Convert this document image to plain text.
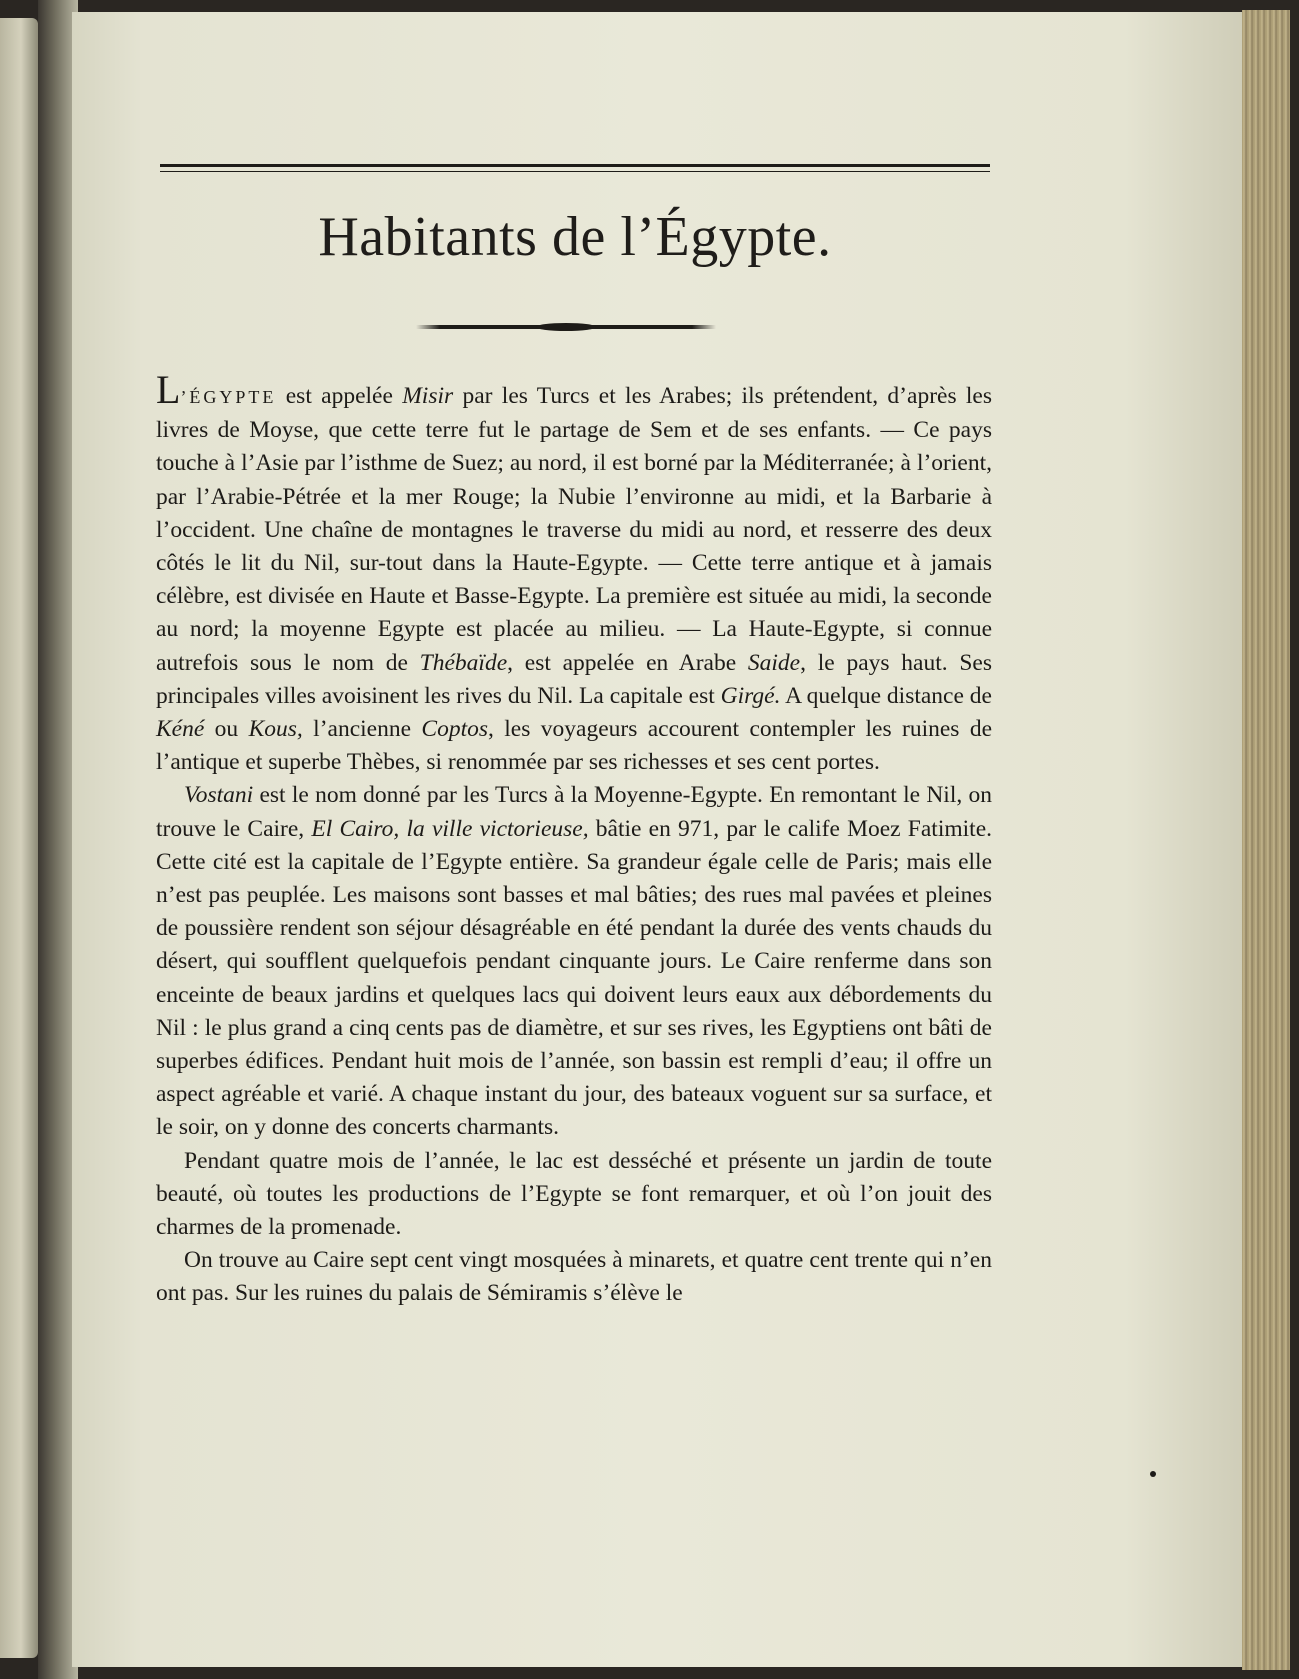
Habitants de l’Égypte.

L’ÉGYPTE est appelée Misir par les Turcs et les Arabes; ils prétendent, d’après les livres de Moyse, que cette terre fut le partage de Sem et de ses enfants. — Ce pays touche à l’Asie par l’isthme de Suez; au nord, il est borné par la Méditerranée; à l’orient, par l’Arabie-Pétrée et la mer Rouge; la Nubie l’environne au midi, et la Barbarie à l’occident. Une chaîne de montagnes le traverse du midi au nord, et resserre des deux côtés le lit du Nil, sur-tout dans la Haute-Egypte. — Cette terre antique et à jamais célèbre, est divisée en Haute et Basse-Egypte. La première est située au midi, la seconde au nord; la moyenne Egypte est placée au milieu. — La Haute-Egypte, si connue autrefois sous le nom de Thébaïde, est appelée en Arabe Saide, le pays haut. Ses principales villes avoisinent les rives du Nil. La capitale est Girgé. A quelque distance de Kéné ou Kous, l’ancienne Coptos, les voyageurs accourent contempler les ruines de l’antique et superbe Thèbes, si renommée par ses richesses et ses cent portes.

Vostani est le nom donné par les Turcs à la Moyenne-Egypte. En remontant le Nil, on trouve le Caire, El Cairo, la ville victorieuse, bâtie en 971, par le calife Moez Fatimite. Cette cité est la capitale de l’Egypte entière. Sa grandeur égale celle de Paris; mais elle n’est pas peuplée. Les maisons sont basses et mal bâties; des rues mal pavées et pleines de poussière rendent son séjour désagréable en été pendant la durée des vents chauds du désert, qui soufflent quelquefois pendant cinquante jours. Le Caire renferme dans son enceinte de beaux jardins et quelques lacs qui doivent leurs eaux aux débordements du Nil : le plus grand a cinq cents pas de diamètre, et sur ses rives, les Egyptiens ont bâti de superbes édifices. Pendant huit mois de l’année, son bassin est rempli d’eau; il offre un aspect agréable et varié. A chaque instant du jour, des bateaux voguent sur sa surface, et le soir, on y donne des concerts charmants.

Pendant quatre mois de l’année, le lac est desséché et présente un jardin de toute beauté, où toutes les productions de l’Egypte se font remarquer, et où l’on jouit des charmes de la promenade.

On trouve au Caire sept cent vingt mosquées à minarets, et quatre cent trente qui n’en ont pas. Sur les ruines du palais de Sémiramis s’élève le
